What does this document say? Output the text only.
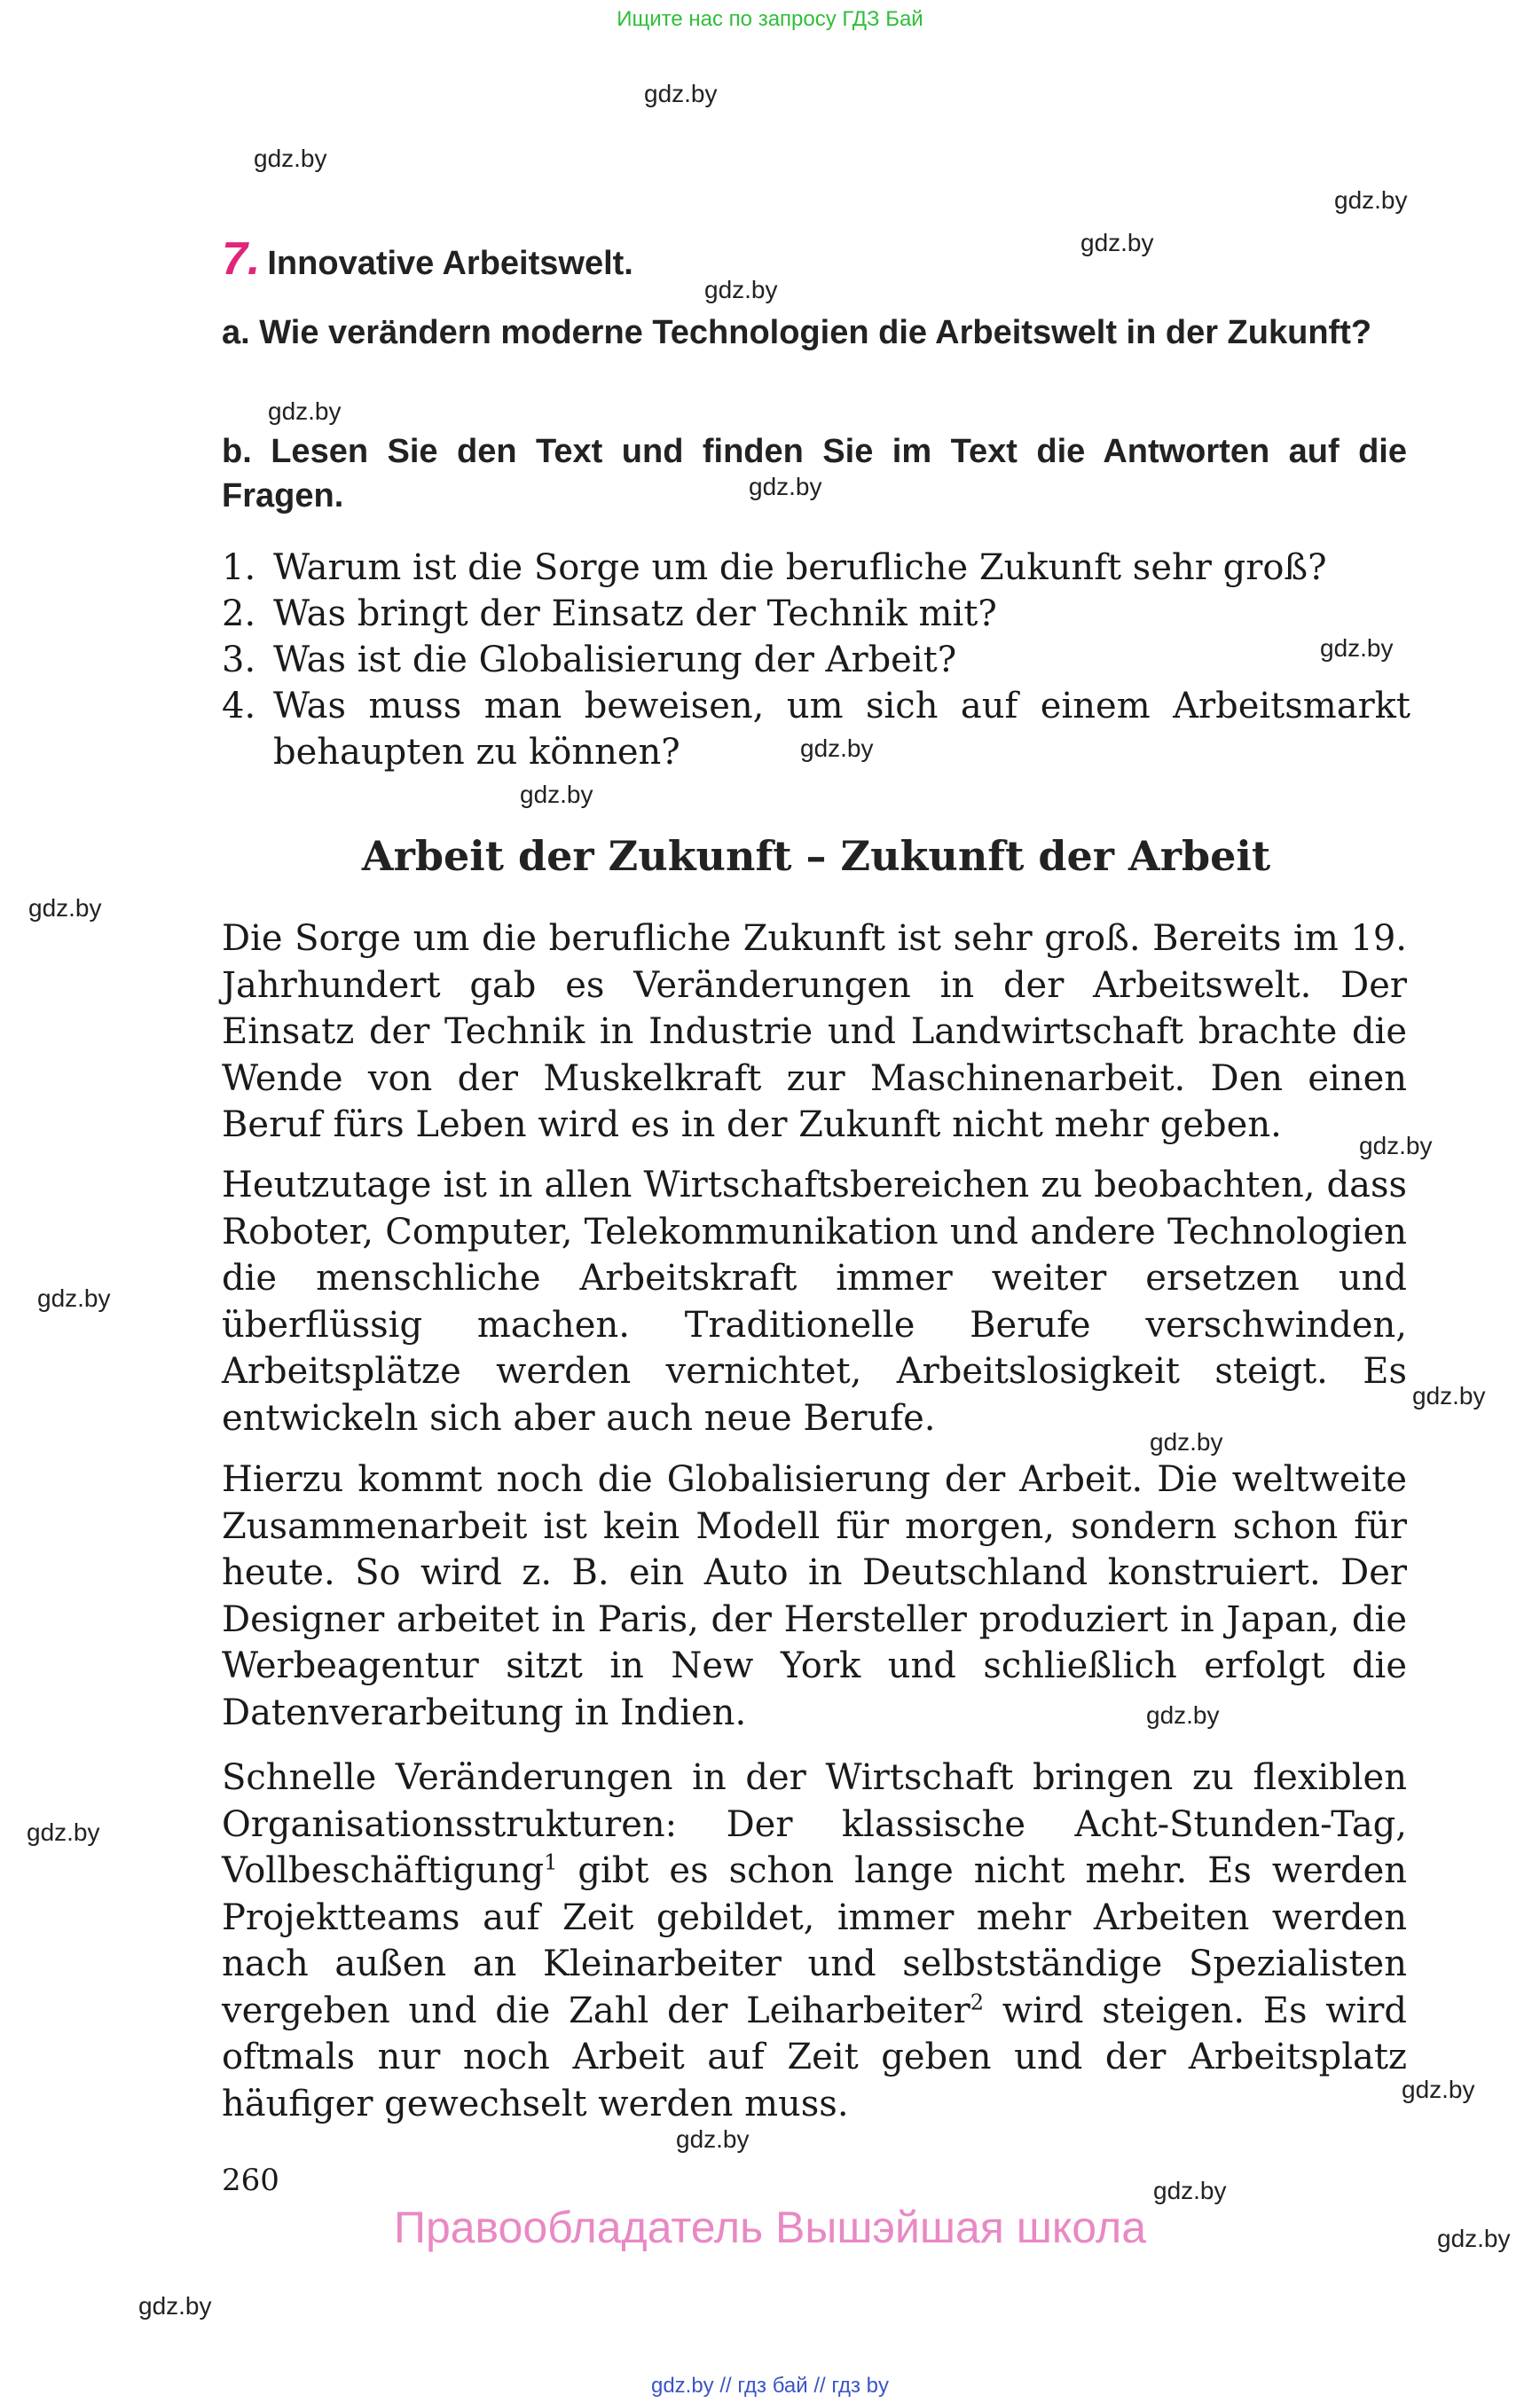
Ищите нас по запросу ГДЗ Бай
gdz.by
gdz.by
gdz.by
gdz.by
gdz.by
gdz.by
gdz.by
gdz.by
gdz.by
gdz.by
gdz.by
gdz.by
gdz.by
gdz.by
gdz.by
gdz.by
gdz.by
gdz.by
gdz.by
gdz.by
gdz.by
gdz.by
7. Innovative Arbeitswelt.
a. Wie verändern moderne Technologien die Arbeitswelt in der Zukunft?
b. Lesen Sie den Text und finden Sie im Text die Antworten auf die Fragen.
1. Warum ist die Sorge um die berufliche Zukunft sehr groß?
2. Was bringt der Einsatz der Technik mit?
3. Was ist die Globalisierung der Arbeit?
4. Was muss man beweisen, um sich auf einem Arbeitsmarkt behaupten zu können?
Arbeit der Zukunft – Zukunft der Arbeit

Die Sorge um die berufliche Zukunft ist sehr groß. Bereits im 19. Jahrhundert gab es Veränderungen in der Arbeitswelt. Der Einsatz der Technik in Industrie und Landwirtschaft brachte die Wende von der Muskelkraft zur Maschinenarbeit. Den einen Beruf fürs Leben wird es in der Zukunft nicht mehr geben.

Heutzutage ist in allen Wirtschaftsbereichen zu beobachten, dass Roboter, Computer, Telekommunikation und andere Technologien die menschliche Arbeitskraft immer weiter ersetzen und überflüssig machen. Traditionelle Berufe verschwinden, Arbeitsplätze werden vernichtet, Arbeitslosigkeit steigt. Es entwickeln sich aber auch neue Berufe.

Hierzu kommt noch die Globalisierung der Arbeit. Die weltweite Zusammenarbeit ist kein Modell für morgen, sondern schon für heute. So wird z. B. ein Auto in Deutschland konstruiert. Der Designer arbeitet in Paris, der Hersteller produziert in Japan, die Werbeagentur sitzt in New York und schließlich erfolgt die Datenverarbeitung in Indien.

Schnelle Veränderungen in der Wirtschaft bringen zu flexiblen Organisationsstrukturen: Der klassische Acht-Stunden-Tag, Vollbeschäftigung$^1$ gibt es schon lange nicht mehr. Es werden Projektteams auf Zeit gebildet, immer mehr Arbeiten werden nach außen an Kleinarbeiter und selbstständige Spezialisten vergeben und die Zahl der Leiharbeiter$^2$ wird steigen. Es wird oftmals nur noch Arbeit auf Zeit geben und der Arbeitsplatz häufiger gewechselt werden muss.

260
Правообладатель Вышэйшая школа
gdz.by // гдз бай // гдз by
